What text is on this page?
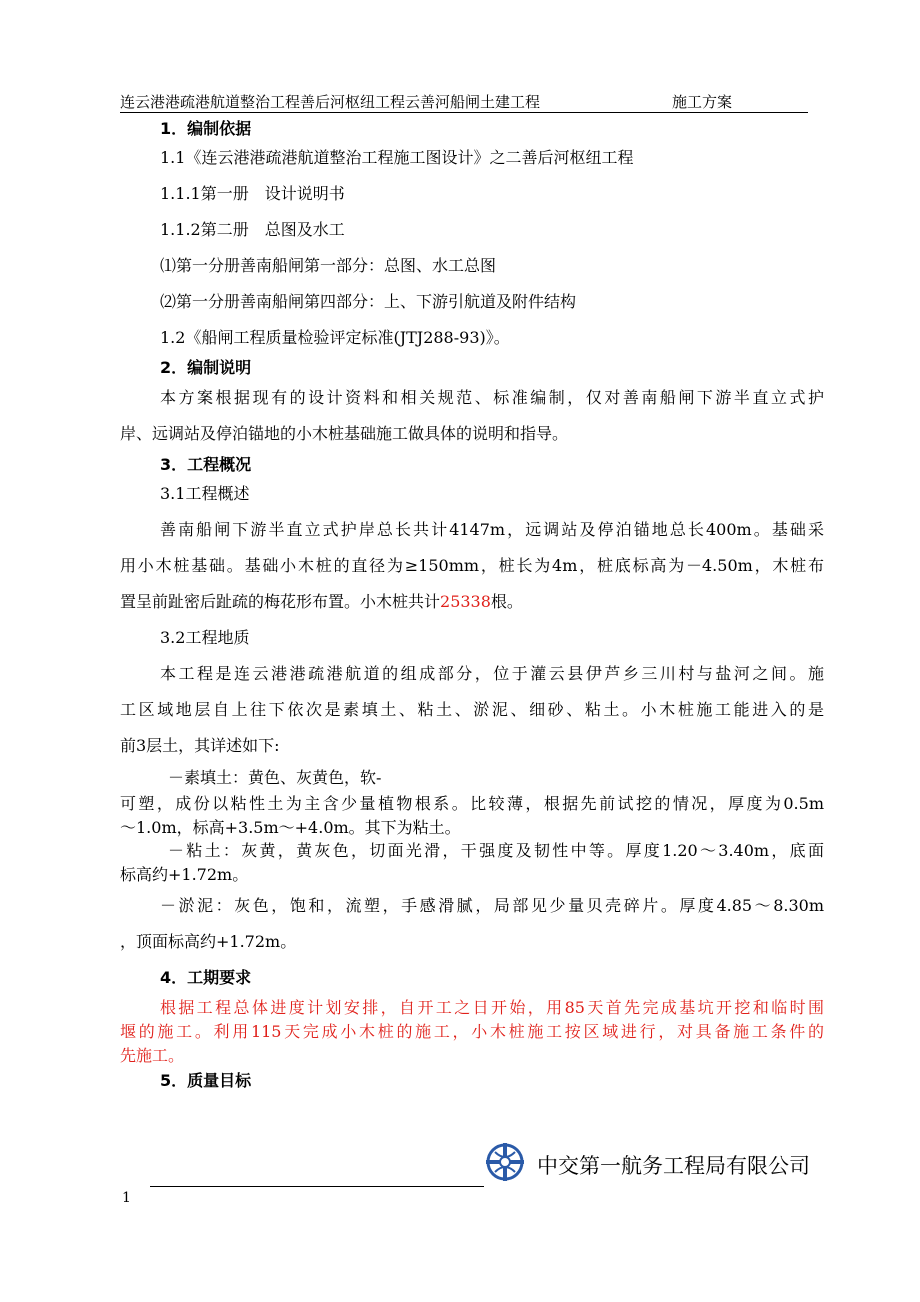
连云港港疏港航道整治工程善后河枢纽工程云善河船闸土建工程	施工方案
1．编制依据
1.1《连云港港疏港航道整治工程施工图设计》之二善后河枢纽工程
1.1.1第一册　设计说明书
1.1.2第二册　总图及水工
⑴第一分册善南船闸第一部分：总图、水工总图
⑵第一分册善南船闸第四部分：上、下游引航道及附件结构
1.2《船闸工程质量检验评定标准(JTJ288-93)》。
2．编制说明
本方案根据现有的设计资料和相关规范、标准编制，仅对善南船闸下游半直立式护
岸、远调站及停泊锚地的小木桩基础施工做具体的说明和指导。
3．工程概况
3.1工程概述
善南船闸下游半直立式护岸总长共计4147m，远调站及停泊锚地总长400m。基础采
用小木桩基础。基础小木桩的直径为≥150mm，桩长为4m，桩底标高为－4.50m，木桩布
置呈前趾密后趾疏的梅花形布置。小木桩共计25338根。
3.2工程地质
本工程是连云港港疏港航道的组成部分，位于灌云县伊芦乡三川村与盐河之间。施
工区域地层自上往下依次是素填土、粘土、淤泥、细砂、粘土。小木桩施工能进入的是
前3层土，其详述如下:
－素填土：黄色、灰黄色，软-
可塑，成份以粘性土为主含少量植物根系。比较薄，根据先前试挖的情况，厚度为0.5m
～1.0m，标高+3.5m～+4.0m。其下为粘土。
－粘土：灰黄，黄灰色，切面光滑，干强度及韧性中等。厚度1.20～3.40m，底面
标高约+1.72m。
－淤泥：灰色，饱和，流塑，手感滑腻，局部见少量贝壳碎片。厚度4.85～8.30m
，顶面标高约+1.72m。
4．工期要求
根据工程总体进度计划安排，自开工之日开始，用85天首先完成基坑开挖和临时围
堰的施工。利用115天完成小木桩的施工，小木桩施工按区域进行，对具备施工条件的
先施工。
5．质量目标
中交第一航务工程局有限公司
1
